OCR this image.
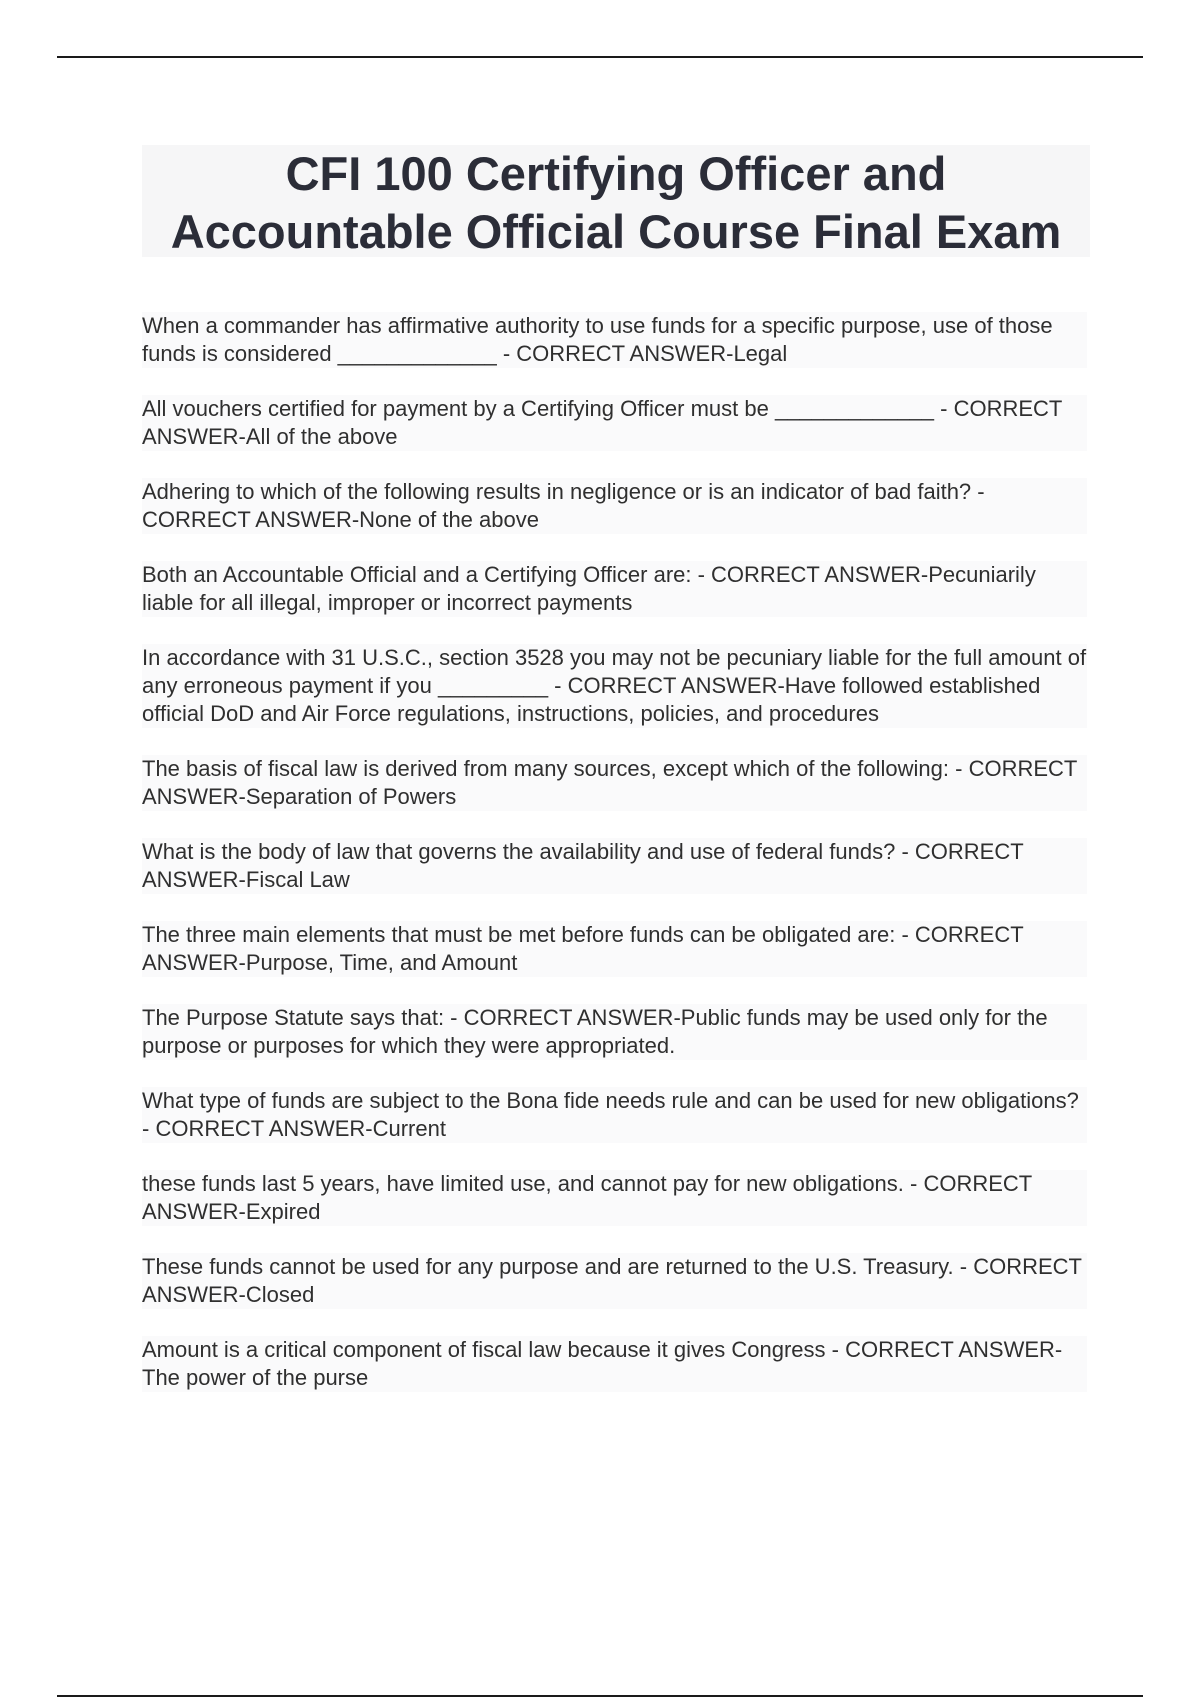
CFI 100 Certifying Officer and
Accountable Official Course Final Exam
When a commander has affirmative authority to use funds for a specific purpose, use of those funds is considered _____________ - CORRECT ANSWER-Legal
All vouchers certified for payment by a Certifying Officer must be _____________ - CORRECT ANSWER-All of the above
Adhering to which of the following results in negligence or is an indicator of bad faith? - CORRECT ANSWER-None of the above
Both an Accountable Official and a Certifying Officer are: - CORRECT ANSWER-Pecuniarily liable for all illegal, improper or incorrect payments
In accordance with 31 U.S.C., section 3528 you may not be pecuniary liable for the full amount of any erroneous payment if you _________ - CORRECT ANSWER-Have followed established official DoD and Air Force regulations, instructions, policies, and procedures
The basis of fiscal law is derived from many sources, except which of the following: - CORRECT ANSWER-Separation of Powers
What is the body of law that governs the availability and use of federal funds? - CORRECT ANSWER-Fiscal Law
The three main elements that must be met before funds can be obligated are: - CORRECT ANSWER-Purpose, Time, and Amount
The Purpose Statute says that: - CORRECT ANSWER-Public funds may be used only for the purpose or purposes for which they were appropriated.
What type of funds are subject to the Bona fide needs rule and can be used for new obligations? - CORRECT ANSWER-Current
these funds last 5 years, have limited use, and cannot pay for new obligations. - CORRECT ANSWER-Expired
These funds cannot be used for any purpose and are returned to the U.S. Treasury. - CORRECT ANSWER-Closed
Amount is a critical component of fiscal law because it gives Congress - CORRECT ANSWER-The power of the purse
